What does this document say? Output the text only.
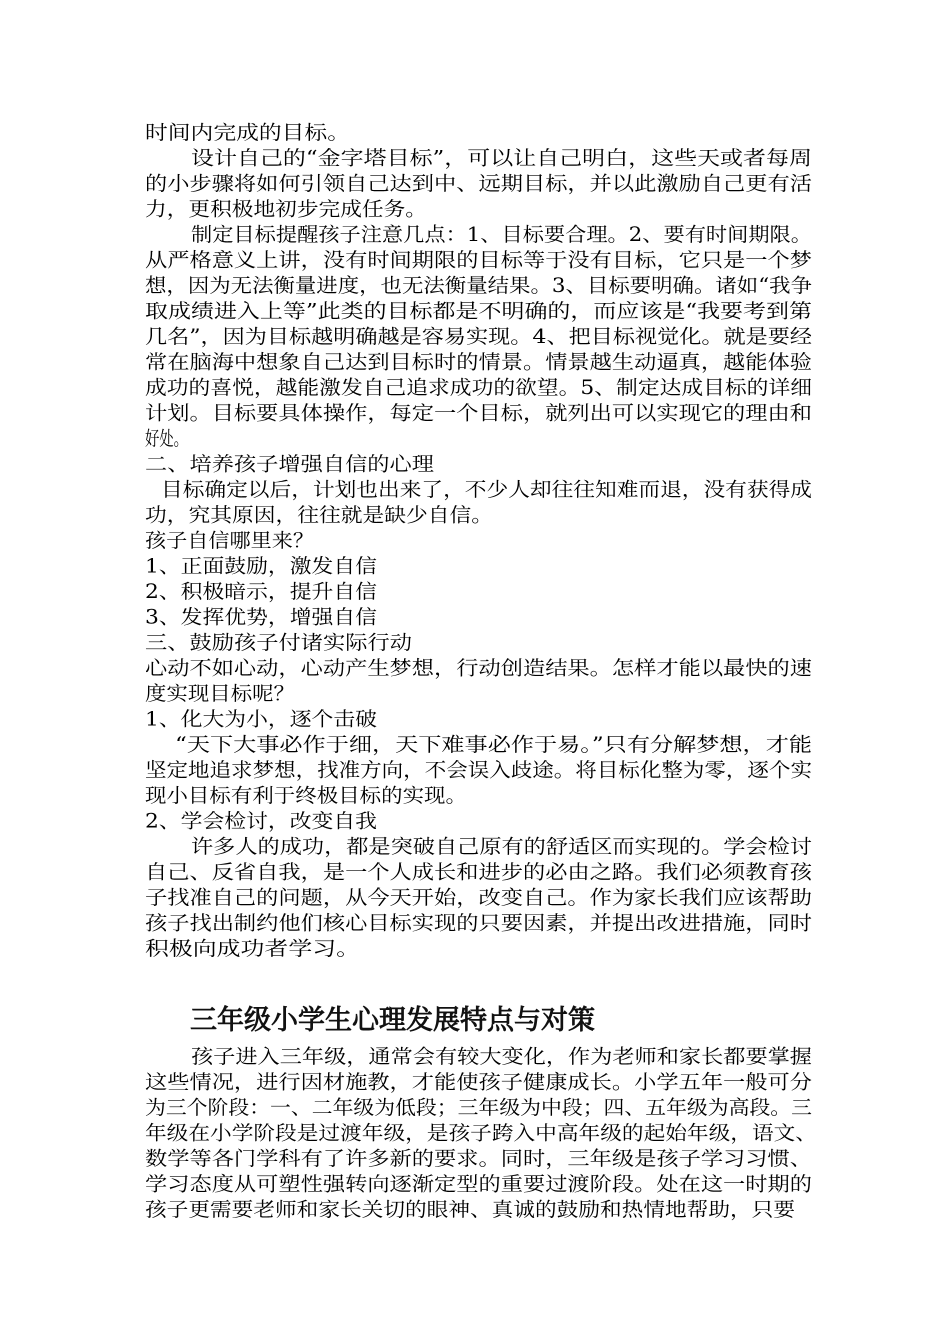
时间内完成的目标。
设计自己的“金字塔目标”，可以让自己明白，这些天或者每周
的小步骤将如何引领自己达到中、远期目标，并以此激励自己更有活
力，更积极地初步完成任务。
制定目标提醒孩子注意几点：1、目标要合理。2、要有时间期限。
从严格意义上讲，没有时间期限的目标等于没有目标，它只是一个梦
想，因为无法衡量进度，也无法衡量结果。3、目标要明确。诸如“我争
取成绩进入上等”此类的目标都是不明确的，而应该是“我要考到第
几名”，因为目标越明确越是容易实现。4、把目标视觉化。就是要经
常在脑海中想象自己达到目标时的情景。情景越生动逼真，越能体验
成功的喜悦，越能激发自己追求成功的欲望。5、制定达成目标的详细
计划。目标要具体操作，每定一个目标，就列出可以实现它的理由和
好处。
二、培养孩子增强自信的心理
目标确定以后，计划也出来了，不少人却往往知难而退，没有获得成
功，究其原因，往往就是缺少自信。
孩子自信哪里来？
1、正面鼓励，激发自信
2、积极暗示，提升自信
3、发挥优势，增强自信
三、鼓励孩子付诸实际行动
心动不如心动，心动产生梦想，行动创造结果。怎样才能以最快的速
度实现目标呢？
1、化大为小，逐个击破
“天下大事必作于细，天下难事必作于易。”只有分解梦想，才能
坚定地追求梦想，找准方向，不会误入歧途。将目标化整为零，逐个实
现小目标有利于终极目标的实现。
2、学会检讨，改变自我
许多人的成功，都是突破自己原有的舒适区而实现的。学会检讨
自己、反省自我，是一个人成长和进步的必由之路。我们必须教育孩
子找准自己的问题，从今天开始，改变自己。作为家长我们应该帮助
孩子找出制约他们核心目标实现的只要因素，并提出改进措施，同时
积极向成功者学习。
三年级小学生心理发展特点与对策
孩子进入三年级，通常会有较大变化，作为老师和家长都要掌握
这些情况，进行因材施教，才能使孩子健康成长。小学五年一般可分
为三个阶段：一、二年级为低段；三年级为中段；四、五年级为高段。三
年级在小学阶段是过渡年级，是孩子跨入中高年级的起始年级，语文、
数学等各门学科有了许多新的要求。同时，三年级是孩子学习习惯、
学习态度从可塑性强转向逐渐定型的重要过渡阶段。处在这一时期的
孩子更需要老师和家长关切的眼神、真诚的鼓励和热情地帮助，只要
